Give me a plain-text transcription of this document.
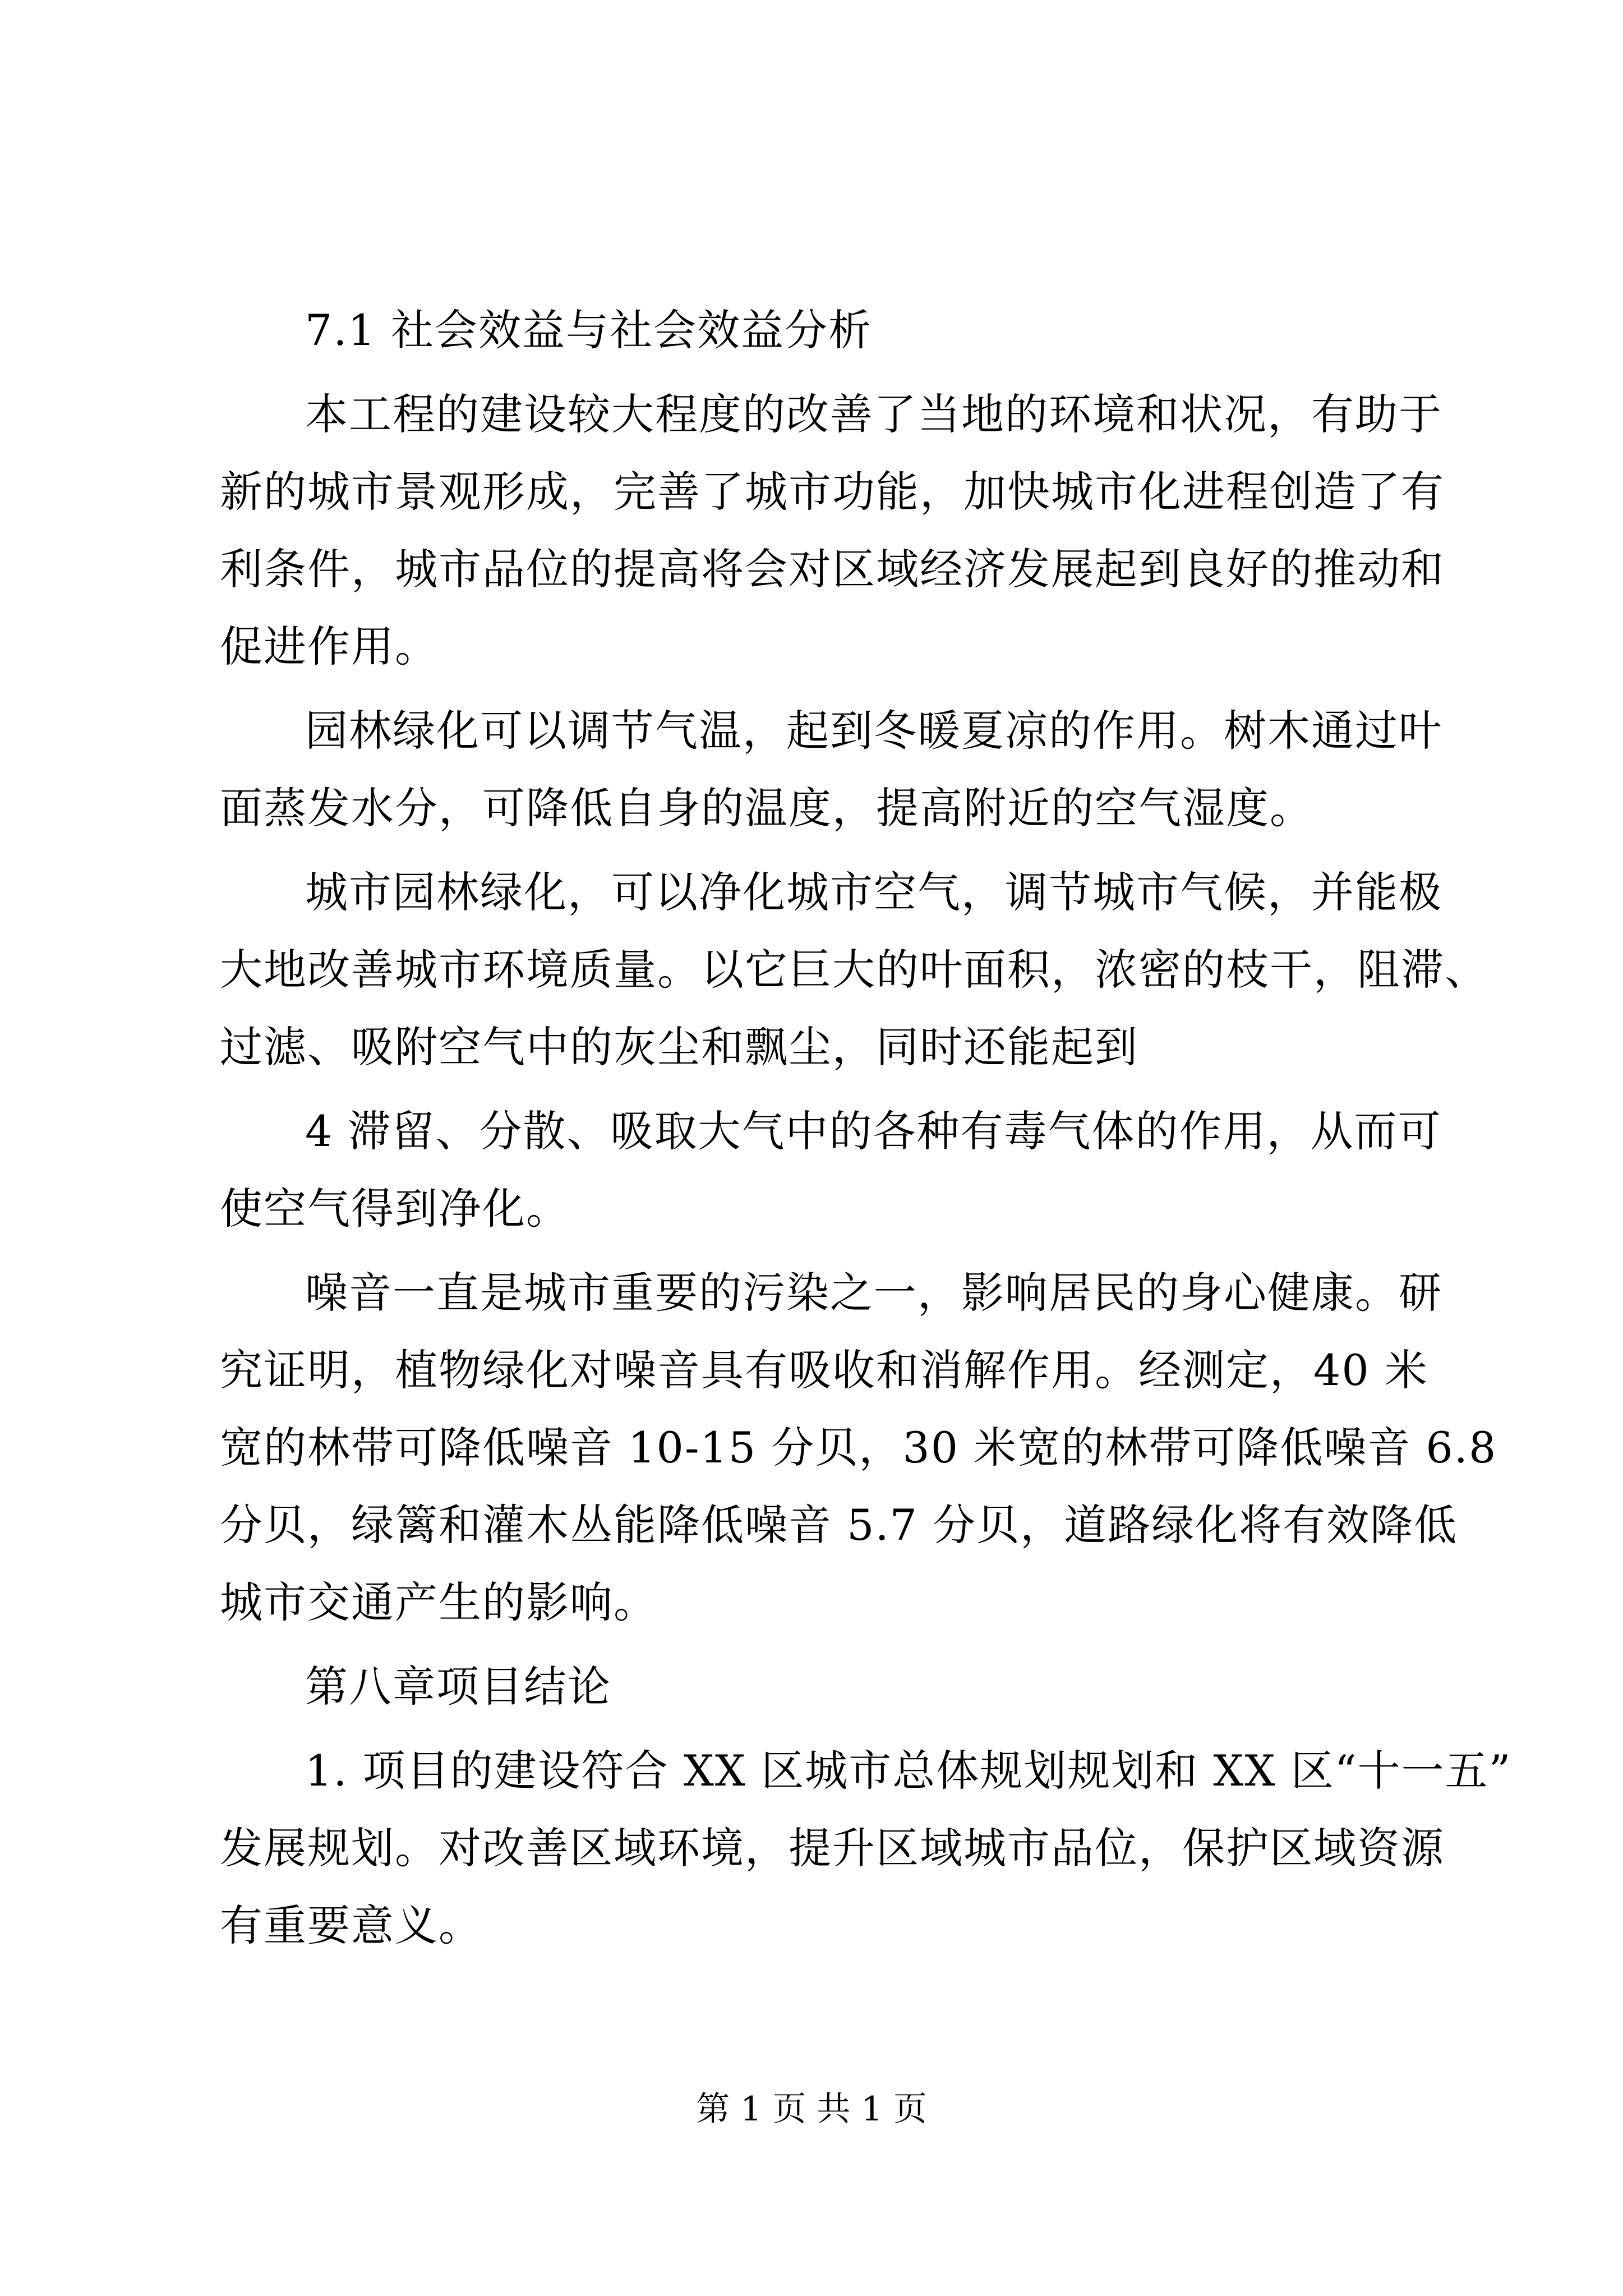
7.1 社会效益与社会效益分析
本工程的建设较大程度的改善了当地的环境和状况，有助于
新的城市景观形成，完善了城市功能，加快城市化进程创造了有
利条件，城市品位的提高将会对区域经济发展起到良好的推动和
促进作用。
园林绿化可以调节气温，起到冬暖夏凉的作用。树木通过叶
面蒸发水分，可降低自身的温度，提高附近的空气湿度。
城市园林绿化，可以净化城市空气，调节城市气候，并能极
大地改善城市环境质量。以它巨大的叶面积，浓密的枝干，阻滞、
过滤、吸附空气中的灰尘和飘尘，同时还能起到
4 滞留、分散、吸取大气中的各种有毒气体的作用，从而可
使空气得到净化。
噪音一直是城市重要的污染之一，影响居民的身心健康。研
究证明，植物绿化对噪音具有吸收和消解作用。经测定，40 米
宽的林带可降低噪音 10-15 分贝，30 米宽的林带可降低噪音 6.8
分贝，绿篱和灌木丛能降低噪音 5.7 分贝，道路绿化将有效降低
城市交通产生的影响。
第八章项目结论
1. 项目的建设符合 XX 区城市总体规划规划和 XX 区“十一五”
发展规划。对改善区域环境，提升区域城市品位，保护区域资源
有重要意义。
第 1 页 共 1 页
